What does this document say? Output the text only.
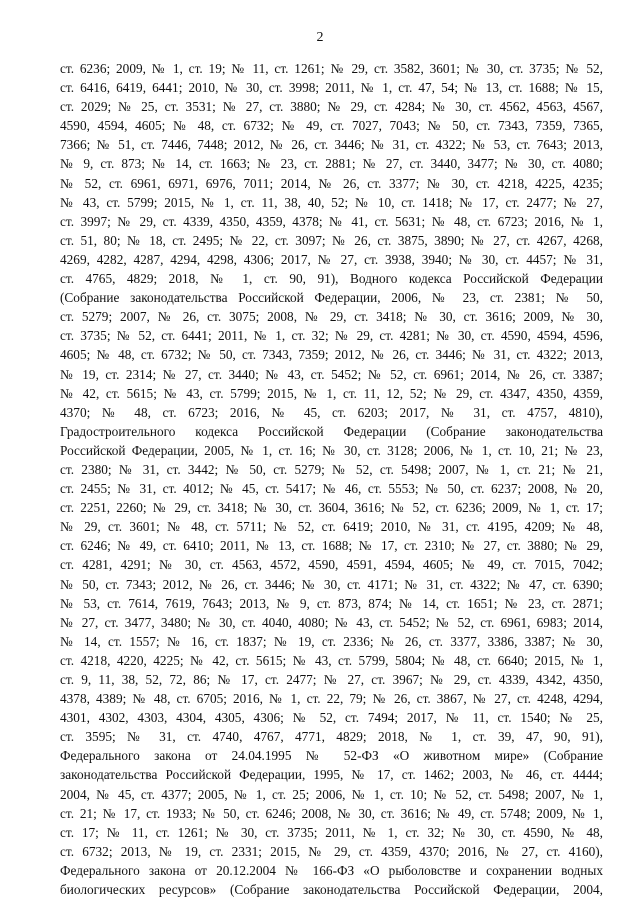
2
ст. 6236; 2009, № 1, ст. 19; № 11, ст. 1261; № 29, ст. 3582, 3601; № 30, ст. 3735; № 52,
ст. 6416, 6419, 6441; 2010, № 30, ст. 3998; 2011, № 1, ст. 47, 54; № 13, ст. 1688; № 15,
ст. 2029; № 25, ст. 3531; № 27, ст. 3880; № 29, ст. 4284; № 30, ст. 4562, 4563, 4567,
4590, 4594, 4605; № 48, ст. 6732; № 49, ст. 7027, 7043; № 50, ст. 7343, 7359, 7365,
7366; № 51, ст. 7446, 7448; 2012, № 26, ст. 3446; № 31, ст. 4322; № 53, ст. 7643; 2013,
№ 9, ст. 873; № 14, ст. 1663; № 23, ст. 2881; № 27, ст. 3440, 3477; № 30, ст. 4080;
№ 52, ст. 6961, 6971, 6976, 7011; 2014, № 26, ст. 3377; № 30, ст. 4218, 4225, 4235;
№ 43, ст. 5799; 2015, № 1, ст. 11, 38, 40, 52; № 10, ст. 1418; № 17, ст. 2477; № 27,
ст. 3997; № 29, ст. 4339, 4350, 4359, 4378; № 41, ст. 5631; № 48, ст. 6723; 2016, № 1,
ст. 51, 80; № 18, ст. 2495; № 22, ст. 3097; № 26, ст. 3875, 3890; № 27, ст. 4267, 4268,
4269, 4282, 4287, 4294, 4298, 4306; 2017, № 27, ст. 3938, 3940; № 30, ст. 4457; № 31,
ст. 4765, 4829; 2018, № 1, ст. 90, 91), Водного кодекса Российской Федерации
(Собрание законодательства Российской Федерации, 2006, № 23, ст. 2381; № 50,
ст. 5279; 2007, № 26, ст. 3075; 2008, № 29, ст. 3418; № 30, ст. 3616; 2009, № 30,
ст. 3735; № 52, ст. 6441; 2011, № 1, ст. 32; № 29, ст. 4281; № 30, ст. 4590, 4594, 4596,
4605; № 48, ст. 6732; № 50, ст. 7343, 7359; 2012, № 26, ст. 3446; № 31, ст. 4322; 2013,
№ 19, ст. 2314; № 27, ст. 3440; № 43, ст. 5452; № 52, ст. 6961; 2014, № 26, ст. 3387;
№ 42, ст. 5615; № 43, ст. 5799; 2015, № 1, ст. 11, 12, 52; № 29, ст. 4347, 4350, 4359,
4370; № 48, ст. 6723; 2016, № 45, ст. 6203; 2017, № 31, ст. 4757, 4810),
Градостроительного кодекса Российской Федерации (Собрание законодательства
Российской Федерации, 2005, № 1, ст. 16; № 30, ст. 3128; 2006, № 1, ст. 10, 21; № 23,
ст. 2380; № 31, ст. 3442; № 50, ст. 5279; № 52, ст. 5498; 2007, № 1, ст. 21; № 21,
ст. 2455; № 31, ст. 4012; № 45, ст. 5417; № 46, ст. 5553; № 50, ст. 6237; 2008, № 20,
ст. 2251, 2260; № 29, ст. 3418; № 30, ст. 3604, 3616; № 52, ст. 6236; 2009, № 1, ст. 17;
№ 29, ст. 3601; № 48, ст. 5711; № 52, ст. 6419; 2010, № 31, ст. 4195, 4209; № 48,
ст. 6246; № 49, ст. 6410; 2011, № 13, ст. 1688; № 17, ст. 2310; № 27, ст. 3880; № 29,
ст. 4281, 4291; № 30, ст. 4563, 4572, 4590, 4591, 4594, 4605; № 49, ст. 7015, 7042;
№ 50, ст. 7343; 2012, № 26, ст. 3446; № 30, ст. 4171; № 31, ст. 4322; № 47, ст. 6390;
№ 53, ст. 7614, 7619, 7643; 2013, № 9, ст. 873, 874; № 14, ст. 1651; № 23, ст. 2871;
№ 27, ст. 3477, 3480; № 30, ст. 4040, 4080; № 43, ст. 5452; № 52, ст. 6961, 6983; 2014,
№ 14, ст. 1557; № 16, ст. 1837; № 19, ст. 2336; № 26, ст. 3377, 3386, 3387; № 30,
ст. 4218, 4220, 4225; № 42, ст. 5615; № 43, ст. 5799, 5804; № 48, ст. 6640; 2015, № 1,
ст. 9, 11, 38, 52, 72, 86; № 17, ст. 2477; № 27, ст. 3967; № 29, ст. 4339, 4342, 4350,
4378, 4389; № 48, ст. 6705; 2016, № 1, ст. 22, 79; № 26, ст. 3867, № 27, ст. 4248, 4294,
4301, 4302, 4303, 4304, 4305, 4306; № 52, ст. 7494; 2017, № 11, ст. 1540; № 25,
ст. 3595; № 31, ст. 4740, 4767, 4771, 4829; 2018, № 1, ст. 39, 47, 90, 91),
Федерального закона от 24.04.1995 № 52-ФЗ «О животном мире» (Собрание
законодательства Российской Федерации, 1995, № 17, ст. 1462; 2003, № 46, ст. 4444;
2004, № 45, ст. 4377; 2005, № 1, ст. 25; 2006, № 1, ст. 10; № 52, ст. 5498; 2007, № 1,
ст. 21; № 17, ст. 1933; № 50, ст. 6246; 2008, № 30, ст. 3616; № 49, ст. 5748; 2009, № 1,
ст. 17; № 11, ст. 1261; № 30, ст. 3735; 2011, № 1, ст. 32; № 30, ст. 4590, № 48,
ст. 6732; 2013, № 19, ст. 2331; 2015, № 29, ст. 4359, 4370; 2016, № 27, ст. 4160),
Федерального закона от 20.12.2004 № 166-ФЗ «О рыболовстве и сохранении водных
биологических ресурсов» (Собрание законодательства Российской Федерации, 2004,
